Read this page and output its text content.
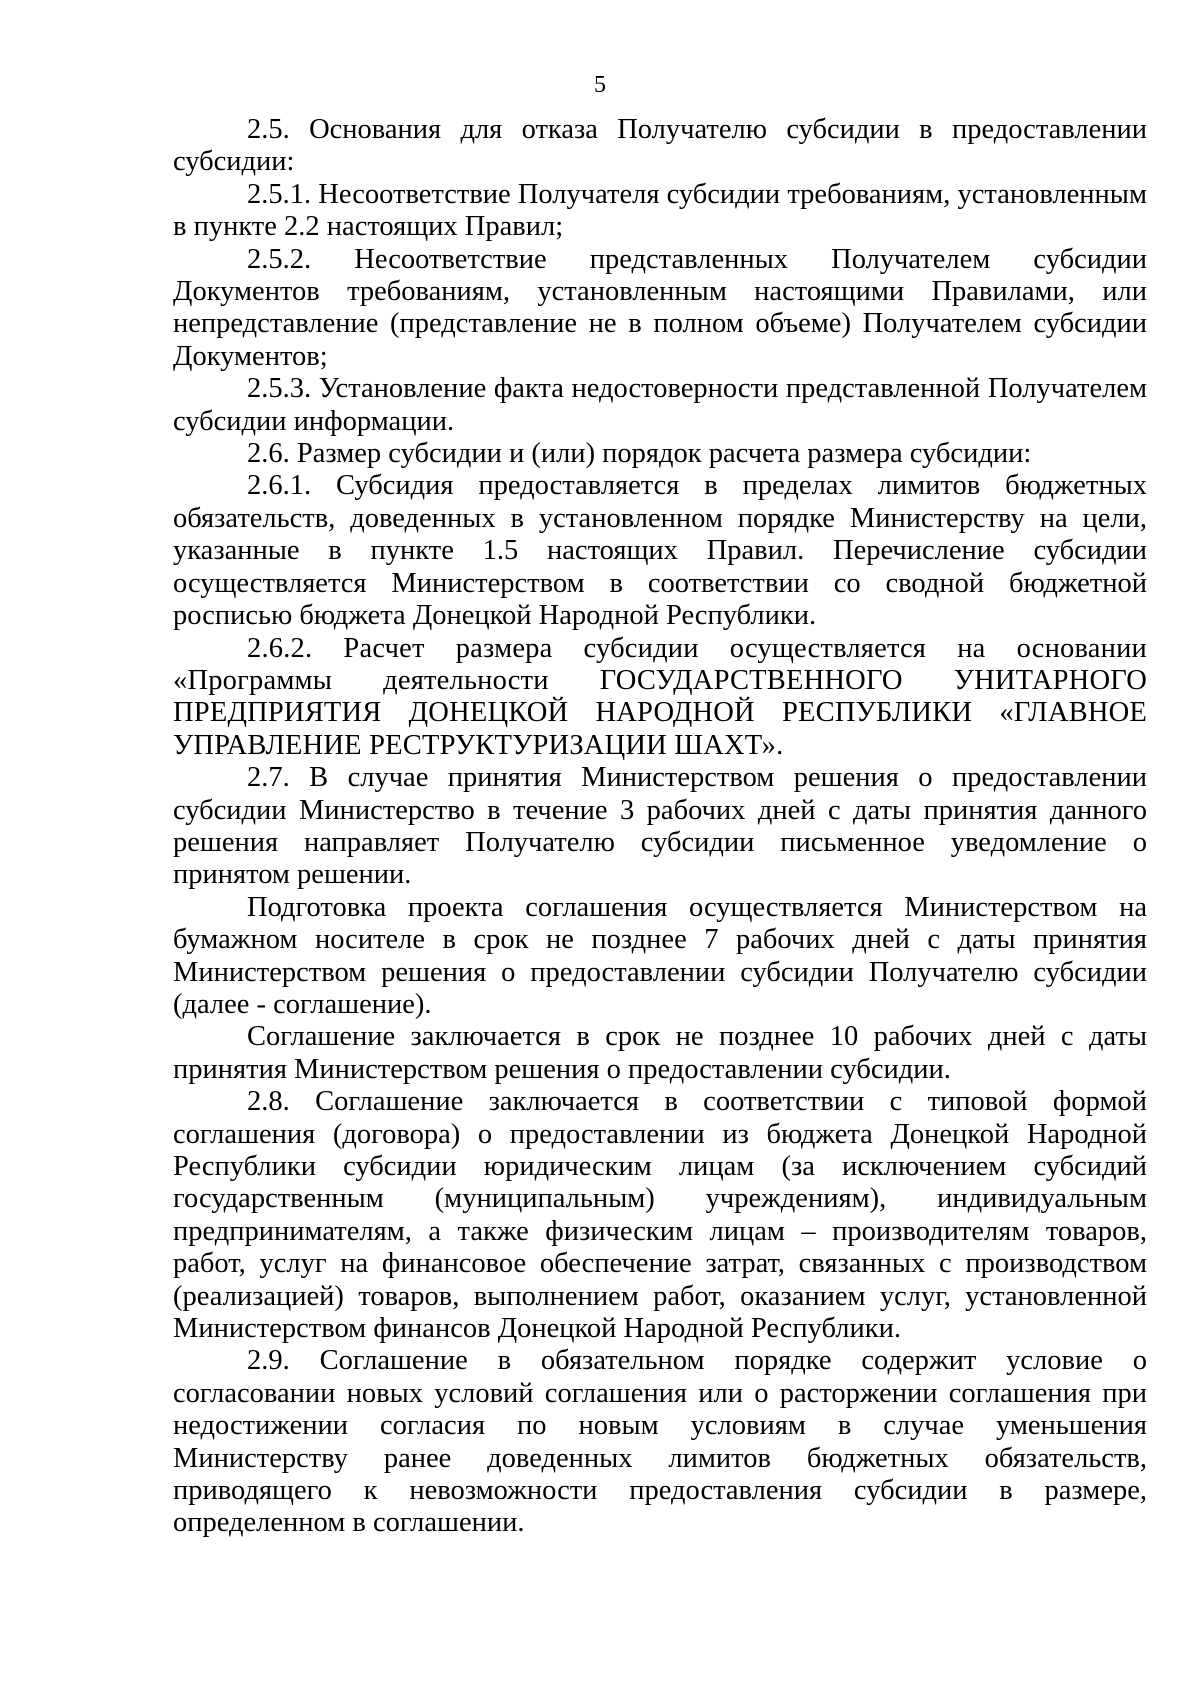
5

2.5. Основания для отказа Получателю субсидии в предоставлении субсидии:

2.5.1. Несоответствие Получателя субсидии требованиям, установленным в пункте 2.2 настоящих Правил;

2.5.2. Несоответствие представленных Получателем субсидии Документов требованиям, установленным настоящими Правилами, или непредставление (представление не в полном объеме) Получателем субсидии Документов;

2.5.3. Установление факта недостоверности представленной Получателем субсидии информации.

2.6. Размер субсидии и (или) порядок расчета размера субсидии:

2.6.1. Субсидия предоставляется в пределах лимитов бюджетных обязательств, доведенных в установленном порядке Министерству на цели, указанные в пункте 1.5 настоящих Правил. Перечисление субсидии осуществляется Министерством в соответствии со сводной бюджетной росписью бюджета Донецкой Народной Республики.

2.6.2. Расчет размера субсидии осуществляется на основании «Программы деятельности ГОСУДАРСТВЕННОГО УНИТАРНОГО ПРЕДПРИЯТИЯ ДОНЕЦКОЙ НАРОДНОЙ РЕСПУБЛИКИ «ГЛАВНОЕ УПРАВЛЕНИЕ РЕСТРУКТУРИЗАЦИИ ШАХТ».

2.7. В случае принятия Министерством решения о предоставлении субсидии Министерство в течение 3 рабочих дней с даты принятия данного решения направляет Получателю субсидии письменное уведомление о принятом решении.

Подготовка проекта соглашения осуществляется Министерством на бумажном носителе в срок не позднее 7 рабочих дней с даты принятия Министерством решения о предоставлении субсидии Получателю субсидии (далее - соглашение).

Соглашение заключается в срок не позднее 10 рабочих дней с даты принятия Министерством решения о предоставлении субсидии.

2.8. Соглашение заключается в соответствии с типовой формой соглашения (договора) о предоставлении из бюджета Донецкой Народной Республики субсидии юридическим лицам (за исключением субсидий государственным (муниципальным) учреждениям), индивидуальным предпринимателям, а также физическим лицам – производителям товаров, работ, услуг на финансовое обеспечение затрат, связанных с производством (реализацией) товаров, выполнением работ, оказанием услуг, установленной Министерством финансов Донецкой Народной Республики.

2.9. Соглашение в обязательном порядке содержит условие о согласовании новых условий соглашения или о расторжении соглашения при недостижении согласия по новым условиям в случае уменьшения Министерству ранее доведенных лимитов бюджетных обязательств, приводящего к невозможности предоставления субсидии в размере, определенном в соглашении.
